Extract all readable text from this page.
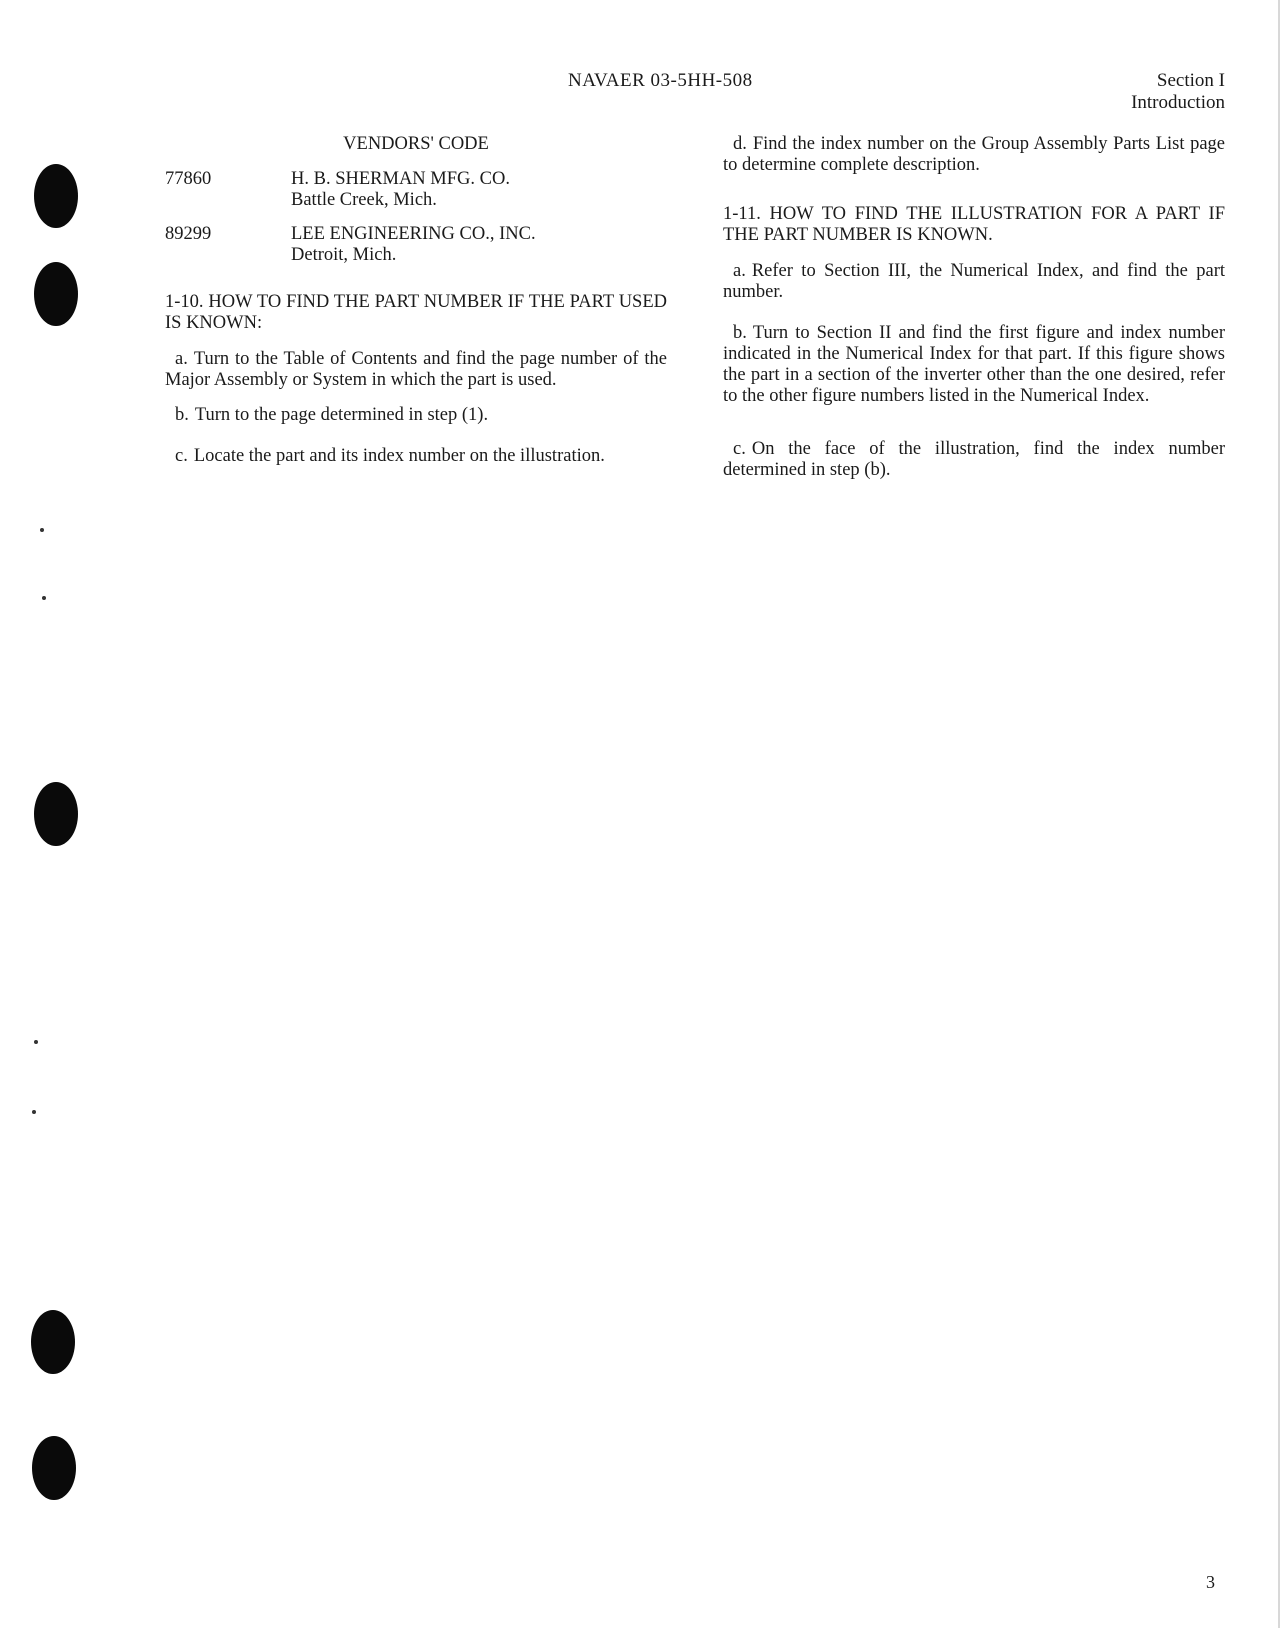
NAVAER 03-5HH-508	Section I
Introduction
VENDORS' CODE
77860	H. B. SHERMAN MFG. CO.
Battle Creek, Mich.
89299	LEE ENGINEERING CO., INC.
Detroit, Mich.
1-10. HOW TO FIND THE PART NUMBER IF THE PART USED IS KNOWN:
a. Turn to the Table of Contents and find the page number of the Major Assembly or System in which the part is used.
b. Turn to the page determined in step (1).
c. Locate the part and its index number on the illustration.
d. Find the index number on the Group Assembly Parts List page to determine complete description.
1-11. HOW TO FIND THE ILLUSTRATION FOR A PART IF THE PART NUMBER IS KNOWN.
a. Refer to Section III, the Numerical Index, and find the part number.
b. Turn to Section II and find the first figure and index number indicated in the Numerical Index for that part. If this figure shows the part in a section of the inverter other than the one desired, refer to the other figure numbers listed in the Numerical Index.
c. On the face of the illustration, find the index number determined in step (b).
3
